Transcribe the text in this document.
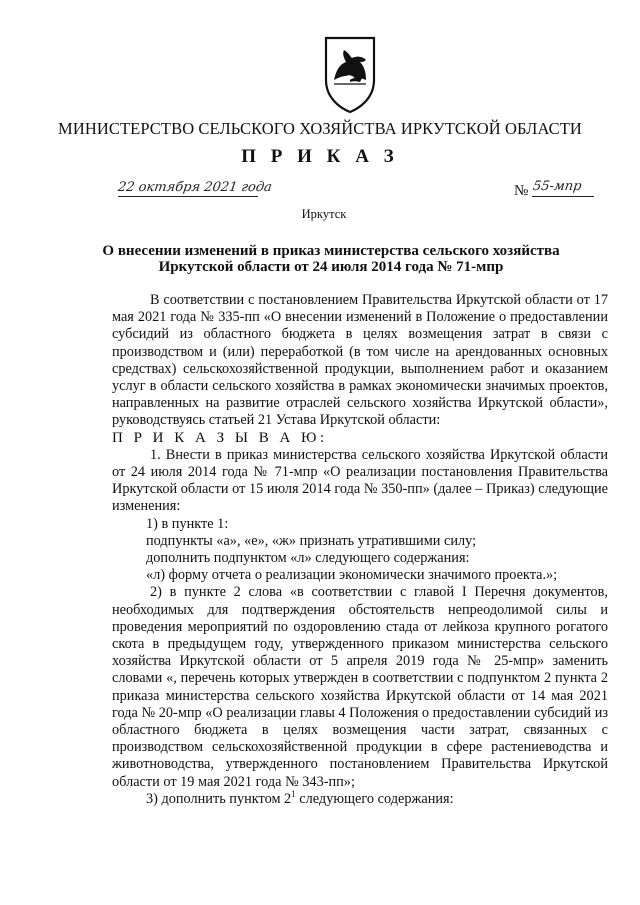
МИНИСТЕРСТВО СЕЛЬСКОГО ХОЗЯЙСТВА ИРКУТСКОЙ ОБЛАСТИ
П Р И К А З
22 октября 2021 года	№ 55-мпр
Иркутск
О внесении изменений в приказ министерства сельского хозяйства
Иркутской области от 24 июля 2014 года № 71-мпр

В соответствии с постановлением Правительства Иркутской области от 17 мая 2021 года № 335-пп «О внесении изменений в Положение о предоставлении субсидий из областного бюджета в целях возмещения затрат в связи с производством и (или) переработкой (в том числе на арендованных основных средствах) сельскохозяйственной продукции, выполнением работ и оказанием услуг в области сельского хозяйства в рамках экономически значимых проектов, направленных на развитие отраслей сельского хозяйства Иркутской области», руководствуясь статьей 21 Устава Иркутской области:

П Р И К А З Ы В А Ю:

1. Внести в приказ министерства сельского хозяйства Иркутской области от 24 июля 2014 года № 71-мпр «О реализации постановления Правительства Иркутской области от 15 июля 2014 года № 350-пп» (далее – Приказ) следующие изменения:

1) в пункте 1:

подпункты «а», «е», «ж» признать утратившими силу;

дополнить подпунктом «л» следующего содержания:

«л) форму отчета о реализации экономически значимого проекта.»;

2) в пункте 2 слова «в соответствии с главой I Перечня документов, необходимых для подтверждения обстоятельств непреодолимой силы и проведения мероприятий по оздоровлению стада от лейкоза крупного рогатого скота в предыдущем году, утвержденного приказом министерства сельского хозяйства Иркутской области от 5 апреля 2019 года № 25-мпр» заменить словами «, перечень которых утвержден в соответствии с подпунктом 2 пункта 2 приказа министерства сельского хозяйства Иркутской области от 14 мая 2021 года № 20-мпр «О реализации главы 4 Положения о предоставлении субсидий из областного бюджета в целях возмещения части затрат, связанных с производством сельскохозяйственной продукции в сфере растениеводства и животноводства, утвержденного постановлением Правительства Иркутской области от 19 мая 2021 года № 343-пп»;

3) дополнить пунктом $2^1$ следующего содержания:
